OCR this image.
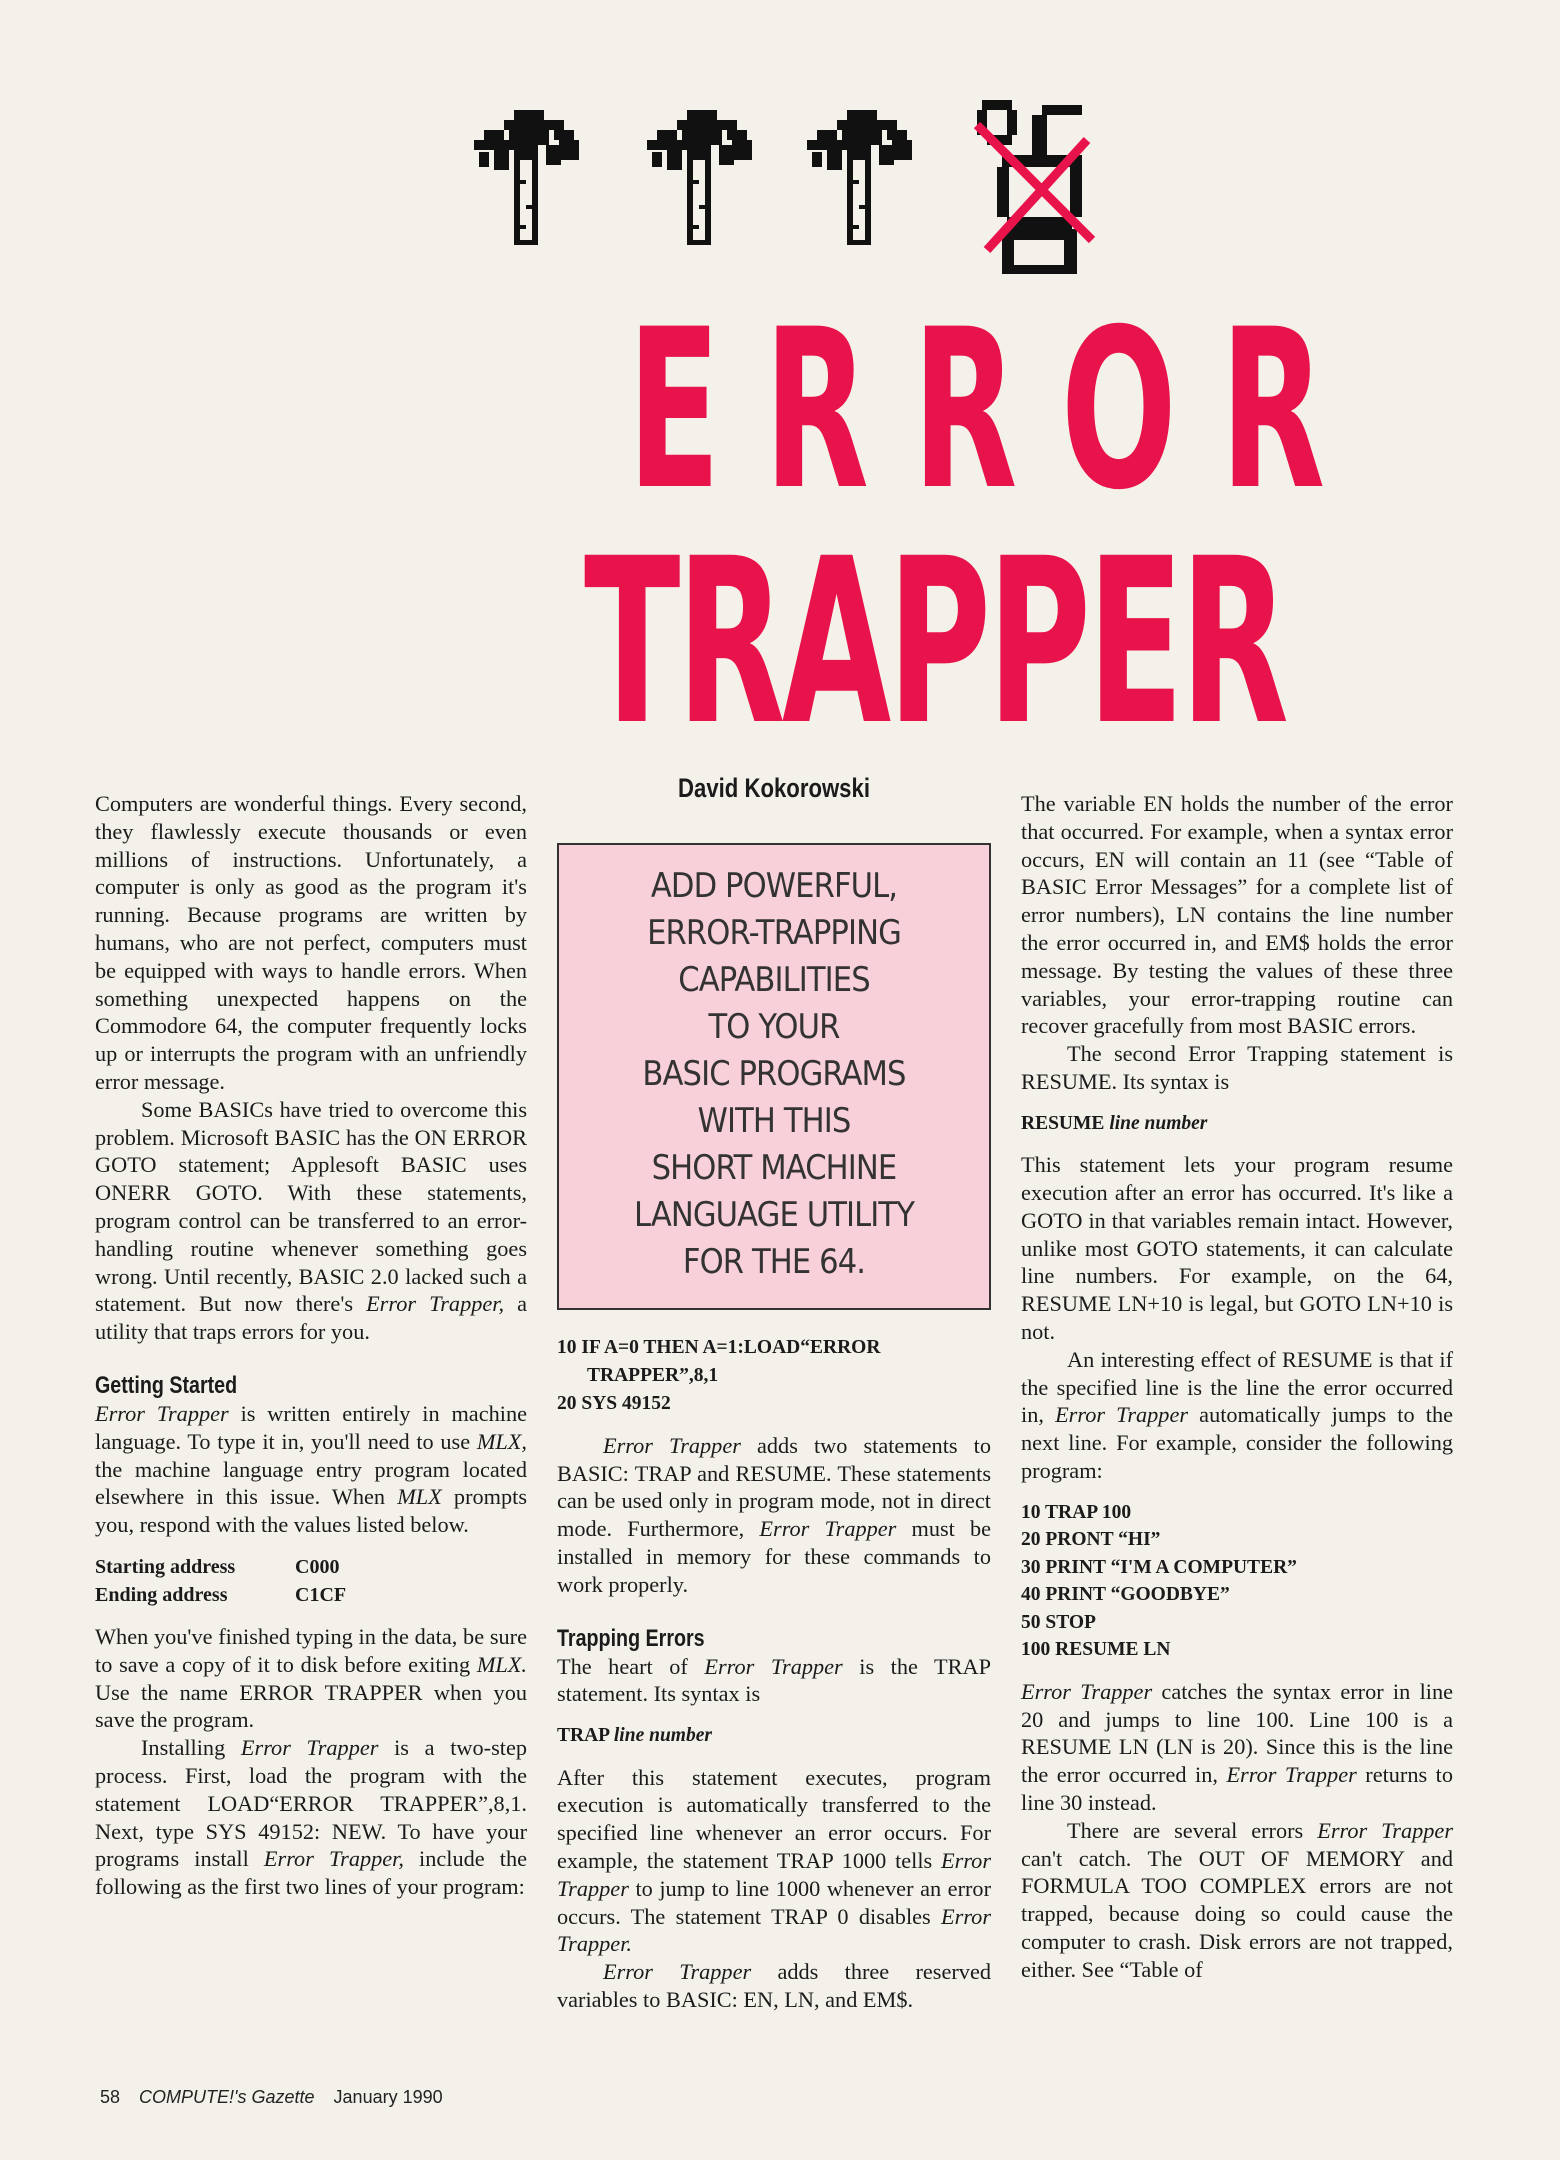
ERROR
TRAPPER

Computers are wonderful things. Every second, they flawlessly execute thousands or even millions of instructions. Unfortunately, a computer is only as good as the program it's running. Because programs are written by humans, who are not perfect, computers must be equipped with ways to handle errors. When something unexpected happens on the Commodore 64, the computer frequently locks up or interrupts the program with an unfriendly error message.

Some BASICs have tried to overcome this problem. Microsoft BASIC has the ON ERROR GOTO statement; Applesoft BASIC uses ONERR GOTO. With these statements, program control can be transferred to an error-handling routine whenever something goes wrong. Until recently, BASIC 2.0 lacked such a statement. But now there's Error Trapper, a utility that traps errors for you.

Getting Started

Error Trapper is written entirely in machine language. To type it in, you'll need to use MLX, the machine language entry program located elsewhere in this issue. When MLX prompts you, respond with the values listed below.

Starting address	C000
Ending address	C1CF

When you've finished typing in the data, be sure to save a copy of it to disk before exiting MLX. Use the name ERROR TRAPPER when you save the program.

Installing Error Trapper is a two-step process. First, load the program with the statement LOAD“ERROR TRAPPER”,8,1. Next, type SYS 49152: NEW. To have your programs install Error Trapper, include the following as the first two lines of your program:

David Kokorowski
ADD POWERFUL,
ERROR-TRAPPING
CAPABILITIES
TO YOUR
BASIC PROGRAMS
WITH THIS
SHORT MACHINE
LANGUAGE UTILITY
FOR THE 64.
10 IF A=0 THEN A=1:LOAD“ERROR
TRAPPER”,8,1
20 SYS 49152

Error Trapper adds two statements to BASIC: TRAP and RESUME. These statements can be used only in program mode, not in direct mode. Furthermore, Error Trapper must be installed in memory for these commands to work properly.

Trapping Errors

The heart of Error Trapper is the TRAP statement. Its syntax is

TRAP line number

After this statement executes, program execution is automatically transferred to the specified line whenever an error occurs. For example, the statement TRAP 1000 tells Error Trapper to jump to line 1000 whenever an error occurs. The statement TRAP 0 disables Error Trapper.

Error Trapper adds three reserved variables to BASIC: EN, LN, and EM$.

The variable EN holds the number of the error that occurred. For example, when a syntax error occurs, EN will contain an 11 (see “Table of BASIC Error Messages” for a complete list of error numbers), LN contains the line number the error occurred in, and EM$ holds the error message. By testing the values of these three variables, your error-trapping routine can recover gracefully from most BASIC errors.

The second Error Trapping statement is RESUME. Its syntax is

RESUME line number

This statement lets your program resume execution after an error has occurred. It's like a GOTO in that variables remain intact. However, unlike most GOTO statements, it can calculate line numbers. For example, on the 64, RESUME LN+10 is legal, but GOTO LN+10 is not.

An interesting effect of RESUME is that if the specified line is the line the error occurred in, Error Trapper automatically jumps to the next line. For example, consider the following program:

10 TRAP 100
20 PRONT “HI”
30 PRINT “I'M A COMPUTER”
40 PRINT “GOODBYE”
50 STOP
100 RESUME LN

Error Trapper catches the syntax error in line 20 and jumps to line 100. Line 100 is a RESUME LN (LN is 20). Since this is the line the error occurred in, Error Trapper returns to line 30 instead.

There are several errors Error Trapper can't catch. The OUT OF MEMORY and FORMULA TOO COMPLEX errors are not trapped, because doing so could cause the computer to crash. Disk errors are not trapped, either. See “Table of

58 COMPUTE!'s Gazette January 1990
